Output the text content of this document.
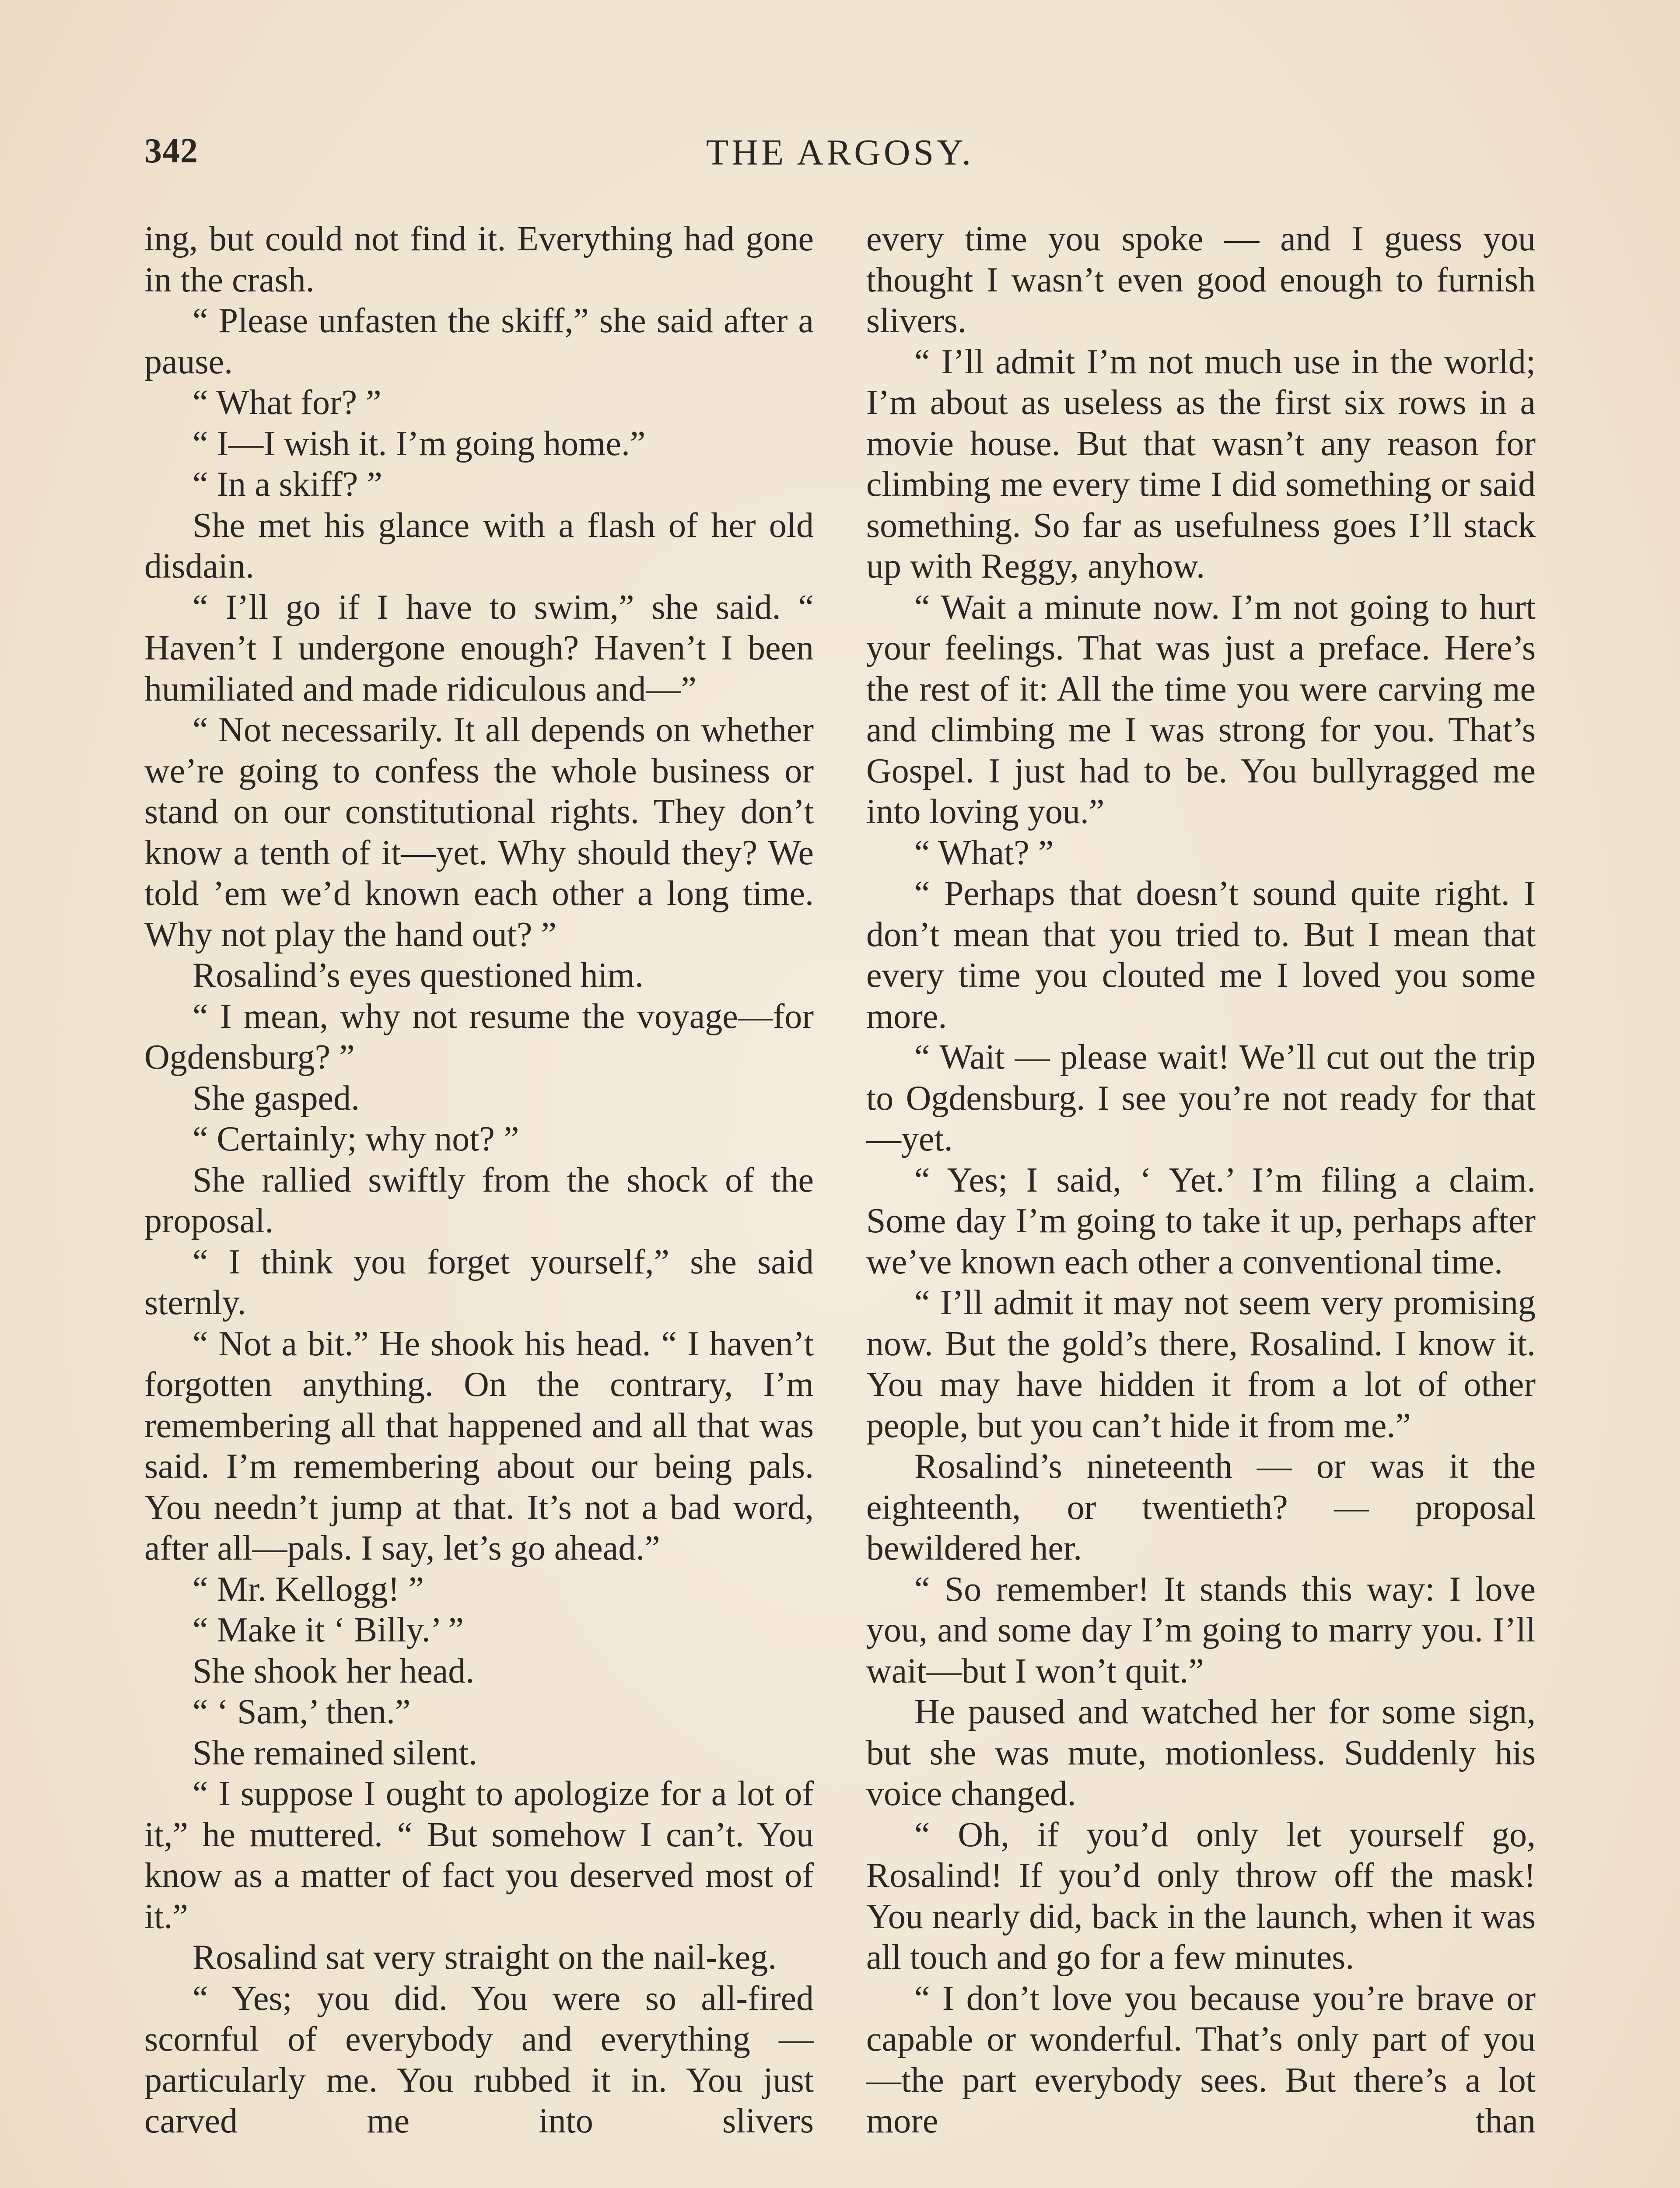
342	THE ARGOSY.

ing, but could not find it. Everything had gone in the crash.

“ Please unfasten the skiff,” she said after a pause.

“ What for? ”

“ I—I wish it. I’m going home.”

“ In a skiff? ”

She met his glance with a flash of her old disdain.

“ I’ll go if I have to swim,” she said. “ Haven’t I undergone enough? Haven’t I been humiliated and made ridiculous and—”

“ Not necessarily. It all depends on whether we’re going to confess the whole business or stand on our constitutional rights. They don’t know a tenth of it—yet. Why should they? We told ’em we’d known each other a long time. Why not play the hand out? ”

Rosalind’s eyes questioned him.

“ I mean, why not resume the voyage—for Ogdensburg? ”

She gasped.

“ Certainly; why not? ”

She rallied swiftly from the shock of the proposal.

“ I think you forget yourself,” she said sternly.

“ Not a bit.” He shook his head. “ I haven’t forgotten anything. On the contrary, I’m remembering all that happened and all that was said. I’m remembering about our being pals. You needn’t jump at that. It’s not a bad word, after all—pals. I say, let’s go ahead.”

“ Mr. Kellogg! ”

“ Make it ‘ Billy.’ ”

She shook her head.

“ ‘ Sam,’ then.”

She remained silent.

“ I suppose I ought to apologize for a lot of it,” he muttered. “ But somehow I can’t. You know as a matter of fact you deserved most of it.”

Rosalind sat very straight on the nail-keg.

“ Yes; you did. You were so all-fired scornful of everybody and everything — particularly me. You rubbed it in. You just carved me into slivers

every time you spoke — and I guess you thought I wasn’t even good enough to furnish slivers.

“ I’ll admit I’m not much use in the world; I’m about as useless as the first six rows in a movie house. But that wasn’t any reason for climbing me every time I did something or said something. So far as usefulness goes I’ll stack up with Reggy, anyhow.

“ Wait a minute now. I’m not going to hurt your feelings. That was just a preface. Here’s the rest of it: All the time you were carving me and climbing me I was strong for you. That’s Gospel. I just had to be. You bullyragged me into loving you.”

“ What? ”

“ Perhaps that doesn’t sound quite right. I don’t mean that you tried to. But I mean that every time you clouted me I loved you some more.

“ Wait — please wait! We’ll cut out the trip to Ogdensburg. I see you’re not ready for that—yet.

“ Yes; I said, ‘ Yet.’ I’m filing a claim. Some day I’m going to take it up, perhaps after we’ve known each other a conventional time.

“ I’ll admit it may not seem very promising now. But the gold’s there, Rosalind. I know it. You may have hidden it from a lot of other people, but you can’t hide it from me.”

Rosalind’s nineteenth — or was it the eighteenth, or twentieth? — proposal bewildered her.

“ So remember! It stands this way: I love you, and some day I’m going to marry you. I’ll wait—but I won’t quit.”

He paused and watched her for some sign, but she was mute, motionless. Suddenly his voice changed.

“ Oh, if you’d only let yourself go, Rosalind! If you’d only throw off the mask! You nearly did, back in the launch, when it was all touch and go for a few minutes.

“ I don’t love you because you’re brave or capable or wonderful. That’s only part of you—the part everybody sees. But there’s a lot more than
